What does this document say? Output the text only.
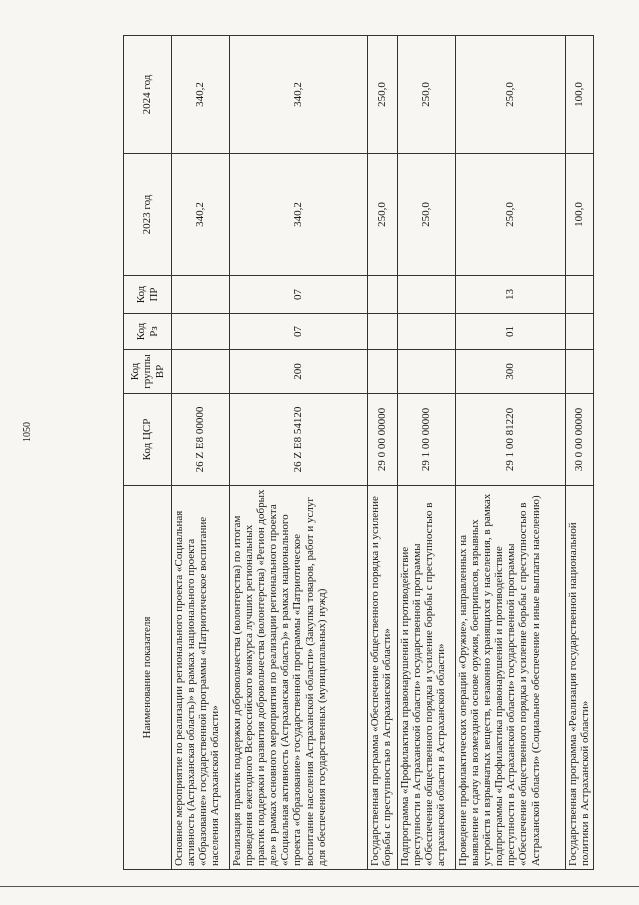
1050
Наименование показателя	Код ЦСР	Код группы ВР	Код Рз	Код ПР	2023 год	2024 год
Основное мероприятие по реализации регионального проекта «Социальная активность (Астраханская область)» в рамках национального проекта «Образование» государственной программы «Патриотическое воспитание населения Астраханской области»	26 Z E8 00000				340,2	340,2
Реализация практик поддержки добровольчества (волонтерства) по итогам проведения ежегодного Всероссийского конкурса лучших региональных практик поддержки и развития добровольчества (волонтерства) «Регион добрых дел» в рамках основного мероприятия по реализации регионального проекта «Социальная активность (Астраханская область)» в рамках национального проекта «Образование» государственной программы «Патриотическое воспитание населения Астраханской области» (Закупка товаров, работ и услуг для обеспечения государственных (муниципальных) нужд)	26 Z E8 54120	200	07	07	340,2	340,2
Государственная программа «Обеспечение общественного порядка и усиление борьбы с преступностью в Астраханской области»	29 0 00 00000				250,0	250,0
Подпрограмма «Профилактика правонарушений и противодействие преступности в Астраханской области» государственной программы «Обеспечение общественного порядка и усиление борьбы с преступностью в астраханской области в Астраханской области»	29 1 00 00000				250,0	250,0
Проведение профилактических операций «Оружие», направленных на выявление и сдачу на возмездной основе оружия, боеприпасов, взрывных устройств и взрывчатых веществ, незаконно хранящихся у населения, в рамках подпрограммы «Профилактика правонарушений и противодействие преступности в Астраханской области» государственной программы «Обеспечение общественного порядка и усиление борьбы с преступностью в Астраханской области» (Социальное обеспечение и иные выплаты населению)	29 1 00 81220	300	01	13	250,0	250,0
Государственная программа «Реализация государственной национальной политики в Астраханской области»	30 0 00 00000				100,0	100,0
